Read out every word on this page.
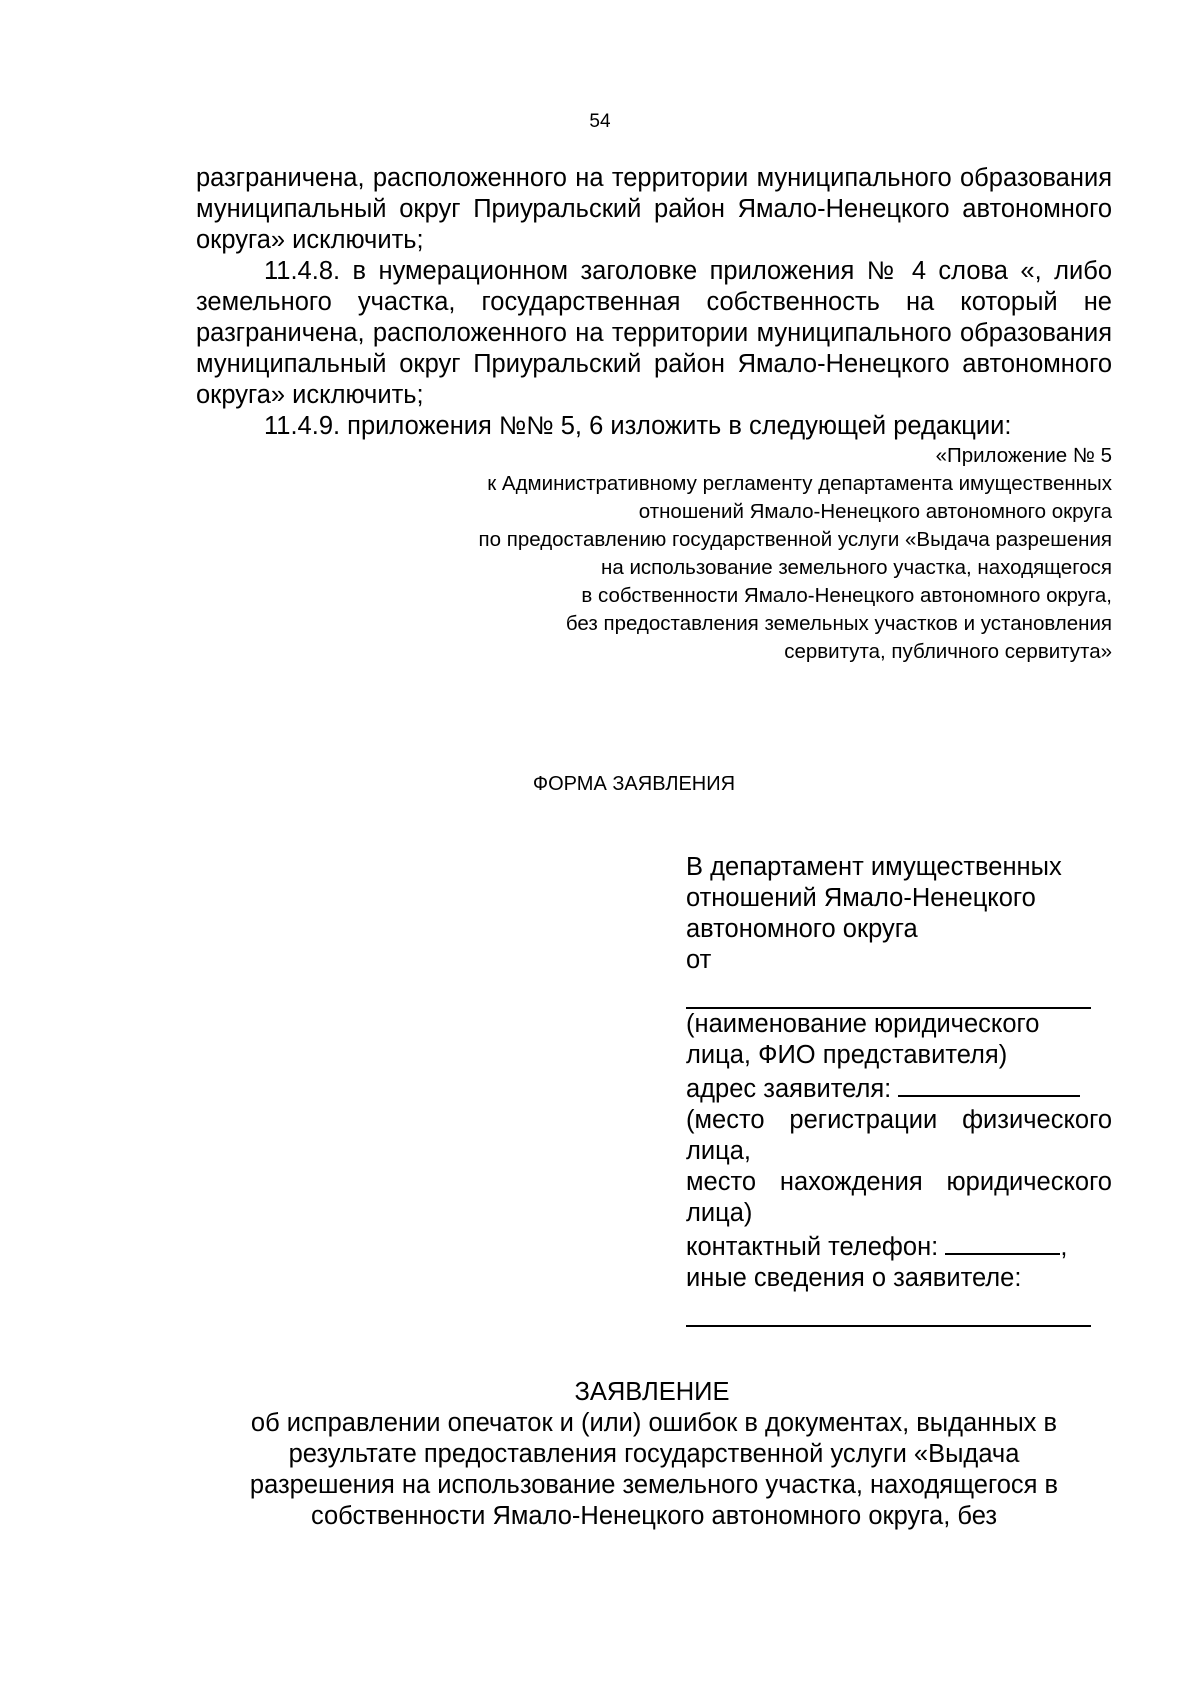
54
разграничена, расположенного на территории муниципального образования муниципальный округ Приуральский район Ямало-Ненецкого автономного округа» исключить;
11.4.8. в нумерационном заголовке приложения № 4 слова «, либо земельного участка, государственная собственность на который не разграничена, расположенного на территории муниципального образования муниципальный округ Приуральский район Ямало-Ненецкого автономного округа» исключить;
11.4.9. приложения №№ 5, 6 изложить в следующей редакции:
«Приложение № 5
к Административному регламенту департамента имущественных
отношений Ямало-Ненецкого автономного округа
по предоставлению государственной услуги «Выдача разрешения
на использование земельного участка, находящегося
в собственности Ямало-Ненецкого автономного округа,
без предоставления земельных участков и установления
сервитута, публичного сервитута»
ФОРМА ЗАЯВЛЕНИЯ
В департамент имущественных
отношений Ямало-Ненецкого
автономного округа
от
(наименование юридического
лица, ФИО представителя)
адрес заявителя:
(место регистрации физического
лица,
место нахождения юридического
лица)
контактный телефон:	,
иные сведения о заявителе:
ЗАЯВЛЕНИЕ
об исправлении опечаток и (или) ошибок в документах, выданных в
результате предоставления государственной услуги «Выдача
разрешения на использование земельного участка, находящегося в
собственности Ямало-Ненецкого автономного округа, без
